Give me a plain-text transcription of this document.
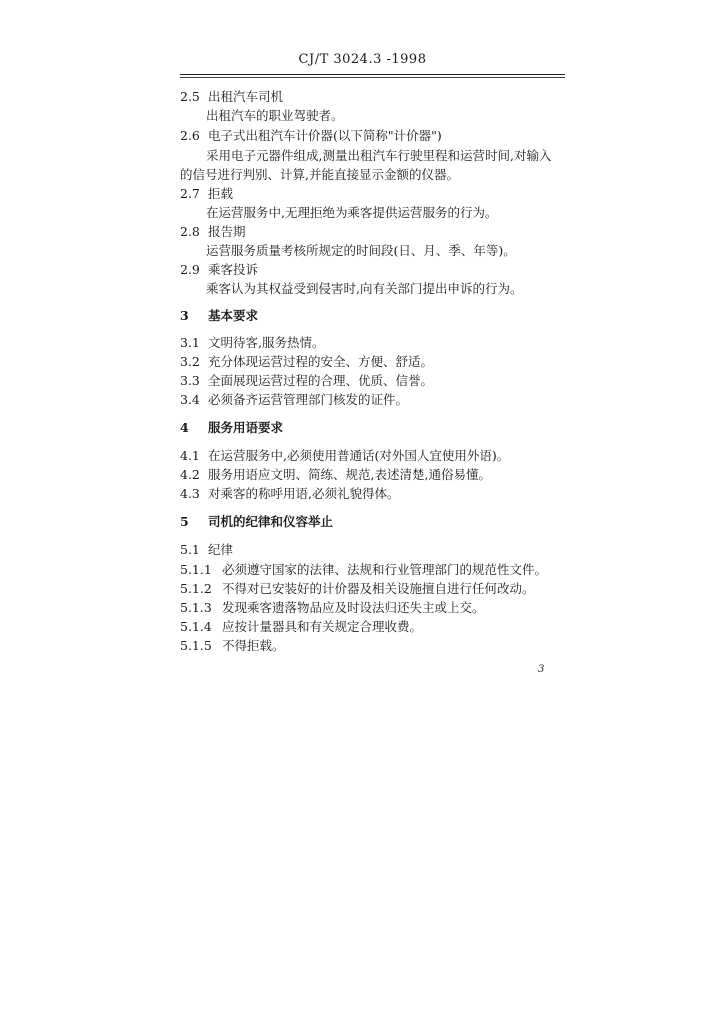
CJ/T 3024.3 -1998
2.5 出租汽车司机
出租汽车的职业驾驶者。
2.6 电子式出租汽车计价器(以下简称"计价器")
采用电子元器件组成,测量出租汽车行驶里程和运营时间,对输入
的信号进行判别、计算,并能直接显示金额的仪器。
2.7 拒载
在运营服务中,无理拒绝为乘客提供运营服务的行为。
2.8 报告期
运营服务质量考核所规定的时间段(日、月、季、年等)。
2.9 乘客投诉
乘客认为其权益受到侵害时,向有关部门提出申诉的行为。
3 基本要求
3.1 文明待客,服务热情。
3.2 充分体现运营过程的安全、方便、舒适。
3.3 全面展现运营过程的合理、优质、信誉。
3.4 必须备齐运营管理部门核发的证件。
4 服务用语要求
4.1 在运营服务中,必须使用普通话(对外国人宜使用外语)。
4.2 服务用语应文明、简练、规范,表述清楚,通俗易懂。
4.3 对乘客的称呼用语,必须礼貌得体。
5 司机的纪律和仪容举止
5.1 纪律
5.1.1 必须遵守国家的法律、法规和行业管理部门的规范性文件。
5.1.2 不得对已安装好的计价器及相关设施擅自进行任何改动。
5.1.3 发现乘客遗落物品应及时设法归还失主或上交。
5.1.4 应按计量器具和有关规定合理收费。
5.1.5 不得拒载。
3
